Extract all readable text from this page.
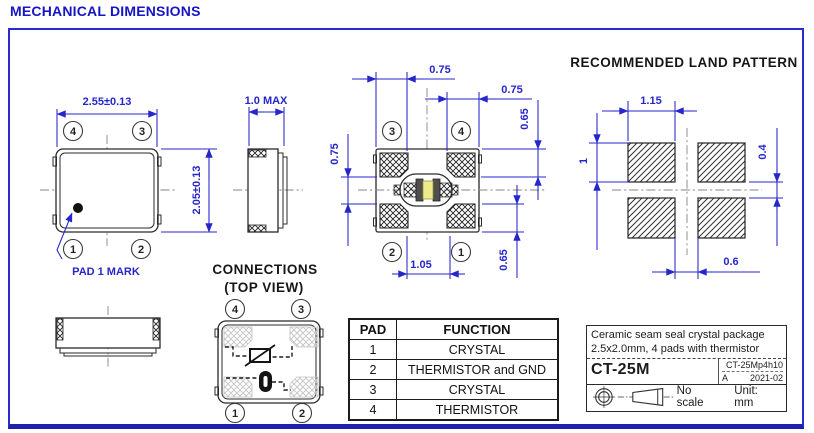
MECHANICAL DIMENSIONS
PAD 1 MARK
4	3
1	2
2.55±0.13
2.05±0.13
1.0 MAX
3	4
2	1
0.75
0.75
0.65
0.65
0.75
1.05
RECOMMENDED LAND PATTERN
1.15
1
0.4
0.6
CONNECTIONS
(TOP VIEW)
4	3
1	2
PAD	FUNCTION
1	CRYSTAL
2	THERMISTOR and GND
3	CRYSTAL
4	THERMISTOR
Ceramic seam seal crystal package
2.5x2.0mm, 4 pads with thermistor
CT-25M	CT-25Mp4h10
A 2021-02
No scale
Unit: mm
